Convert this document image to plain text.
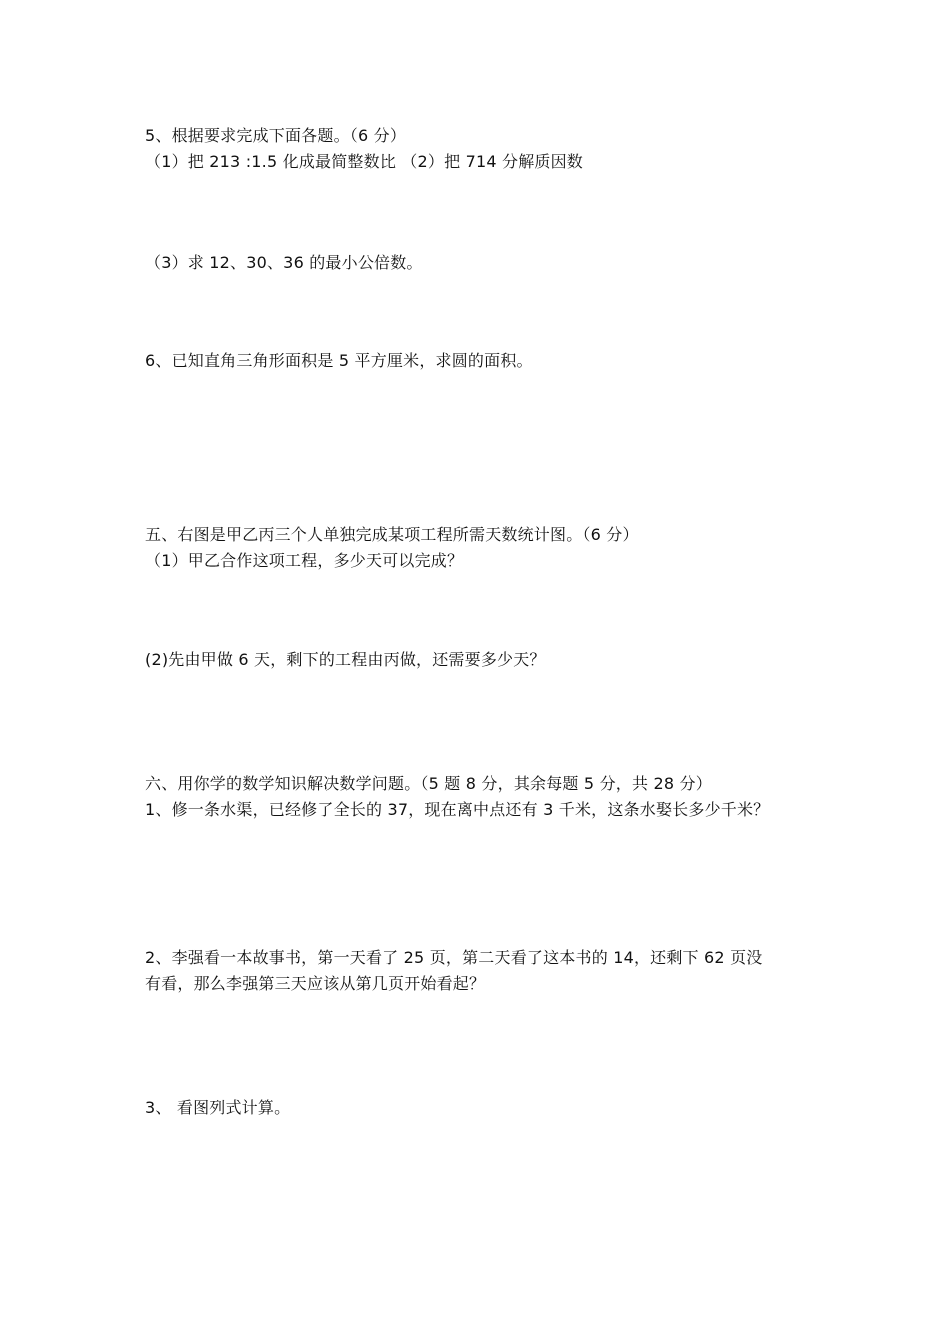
5、根据要求完成下面各题。（6 分）
（1）把 213 :1.5 化成最简整数比 （2）把 714 分解质因数
（3）求 12、30、36 的最小公倍数。
6、已知直角三角形面积是 5 平方厘米，求圆的面积。
五、右图是甲乙丙三个人单独完成某项工程所需天数统计图。（6 分）
（1）甲乙合作这项工程，多少天可以完成？
(2)先由甲做 6 天，剩下的工程由丙做，还需要多少天？
六、用你学的数学知识解决数学问题。（5 题 8 分，其余每题 5 分，共 28 分）
1、修一条水渠，已经修了全长的 37，现在离中点还有 3 千米，这条水娶长多少千米？
2、李强看一本故事书，第一天看了 25 页，第二天看了这本书的 14，还剩下 62 页没
有看，那么李强第三天应该从第几页开始看起？
3、 看图列式计算。
